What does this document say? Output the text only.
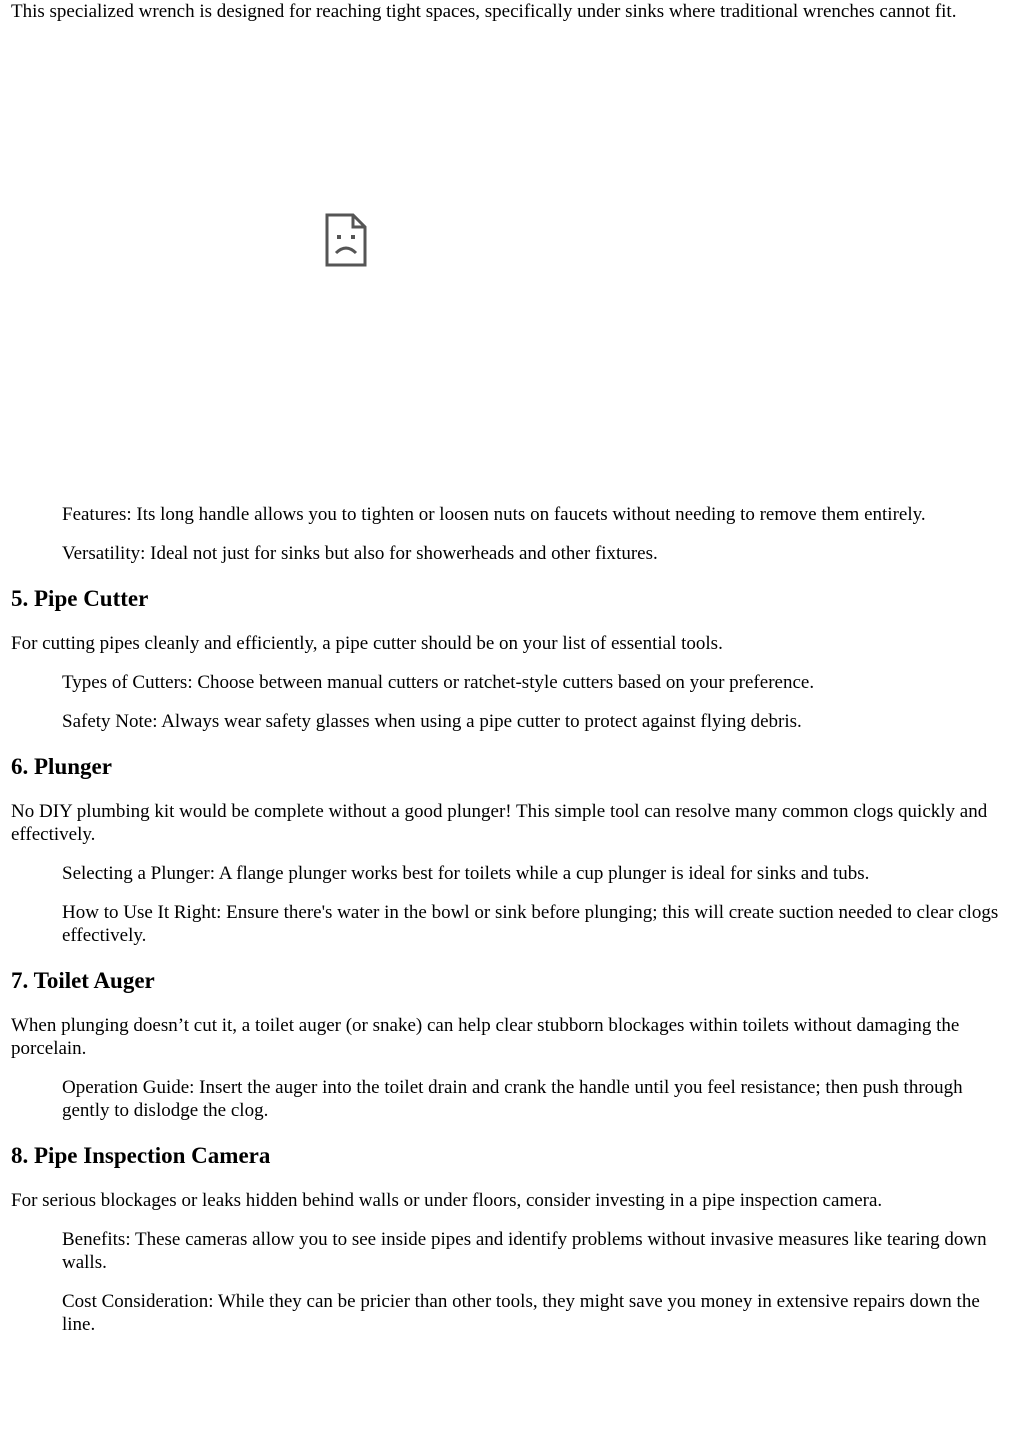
This specialized wrench is designed for reaching tight spaces, specifically under sinks where traditional wrenches cannot fit.

Features: Its long handle allows you to tighten or loosen nuts on faucets without needing to remove them entirely.

Versatility: Ideal not just for sinks but also for showerheads and other fixtures.

5. Pipe Cutter

For cutting pipes cleanly and efficiently, a pipe cutter should be on your list of essential tools.

Types of Cutters: Choose between manual cutters or ratchet-style cutters based on your preference.

Safety Note: Always wear safety glasses when using a pipe cutter to protect against flying debris.

6. Plunger

No DIY plumbing kit would be complete without a good plunger! This simple tool can resolve many common clogs quickly and effectively.

Selecting a Plunger: A flange plunger works best for toilets while a cup plunger is ideal for sinks and tubs.

How to Use It Right: Ensure there's water in the bowl or sink before plunging; this will create suction needed to clear clogs effectively.

7. Toilet Auger

When plunging doesn’t cut it, a toilet auger (or snake) can help clear stubborn blockages within toilets without damaging the porcelain.

Operation Guide: Insert the auger into the toilet drain and crank the handle until you feel resistance; then push through gently to dislodge the clog.

8. Pipe Inspection Camera

For serious blockages or leaks hidden behind walls or under floors, consider investing in a pipe inspection camera.

Benefits: These cameras allow you to see inside pipes and identify problems without invasive measures like tearing down walls.

Cost Consideration: While they can be pricier than other tools, they might save you money in extensive repairs down the line.
